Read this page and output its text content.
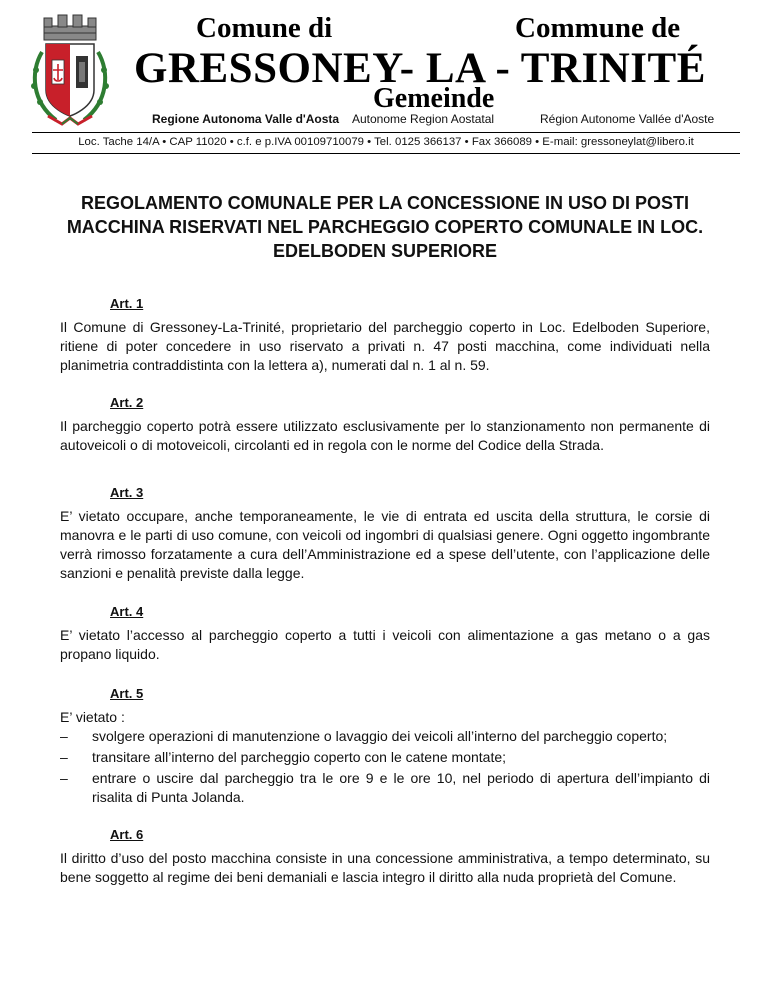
Comune di	Commune de
GRESSONEY- LA - TRINITÉ
Gemeinde
Regione Autonoma Valle d'Aosta Autonome Region Aostatal	Région Autonome Vallée d'Aoste
Loc. Tache 14/A • CAP 11020 • c.f. e p.IVA 00109710079 • Tel. 0125 366137 • Fax 366089 • E-mail: gressoneylat@libero.it
REGOLAMENTO COMUNALE PER LA CONCESSIONE IN USO DI POSTI MACCHINA RISERVATI NEL PARCHEGGIO COPERTO COMUNALE IN LOC. EDELBODEN SUPERIORE
Art. 1

Il Comune di Gressoney-La-Trinité, proprietario del parcheggio coperto in Loc. Edelboden Superiore, ritiene di poter concedere in uso riservato a privati n. 47 posti macchina, come individuati nella planimetria contraddistinta con la lettera a), numerati dal n. 1 al n. 59.

Art. 2

Il parcheggio coperto potrà essere utilizzato esclusivamente per lo stanzionamento non permanente di autoveicoli o di motoveicoli, circolanti ed in regola con le norme del Codice della Strada.

Art. 3

E’ vietato occupare, anche temporaneamente, le vie di entrata ed uscita della struttura, le corsie di manovra e le parti di uso comune, con veicoli od ingombri di qualsiasi genere. Ogni oggetto ingombrante verrà rimosso forzatamente a cura dell’Amministrazione ed a spese dell’utente, con l’applicazione delle sanzioni e penalità previste dalla legge.

Art. 4

E’ vietato l’accesso al parcheggio coperto a tutti i veicoli con alimentazione a gas metano o a gas propano liquido.

Art. 5

E’ vietato :

– svolgere operazioni di manutenzione o lavaggio dei veicoli all’interno del parcheggio coperto;
– transitare all’interno del parcheggio coperto con le catene montate;
– entrare o uscire dal parcheggio tra le ore 9 e le ore 10, nel periodo di apertura dell’impianto di risalita di Punta Jolanda.
Art. 6

Il diritto d’uso del posto macchina consiste in una concessione amministrativa, a tempo determinato, su bene soggetto al regime dei beni demaniali e lascia integro il diritto alla nuda proprietà del Comune.
